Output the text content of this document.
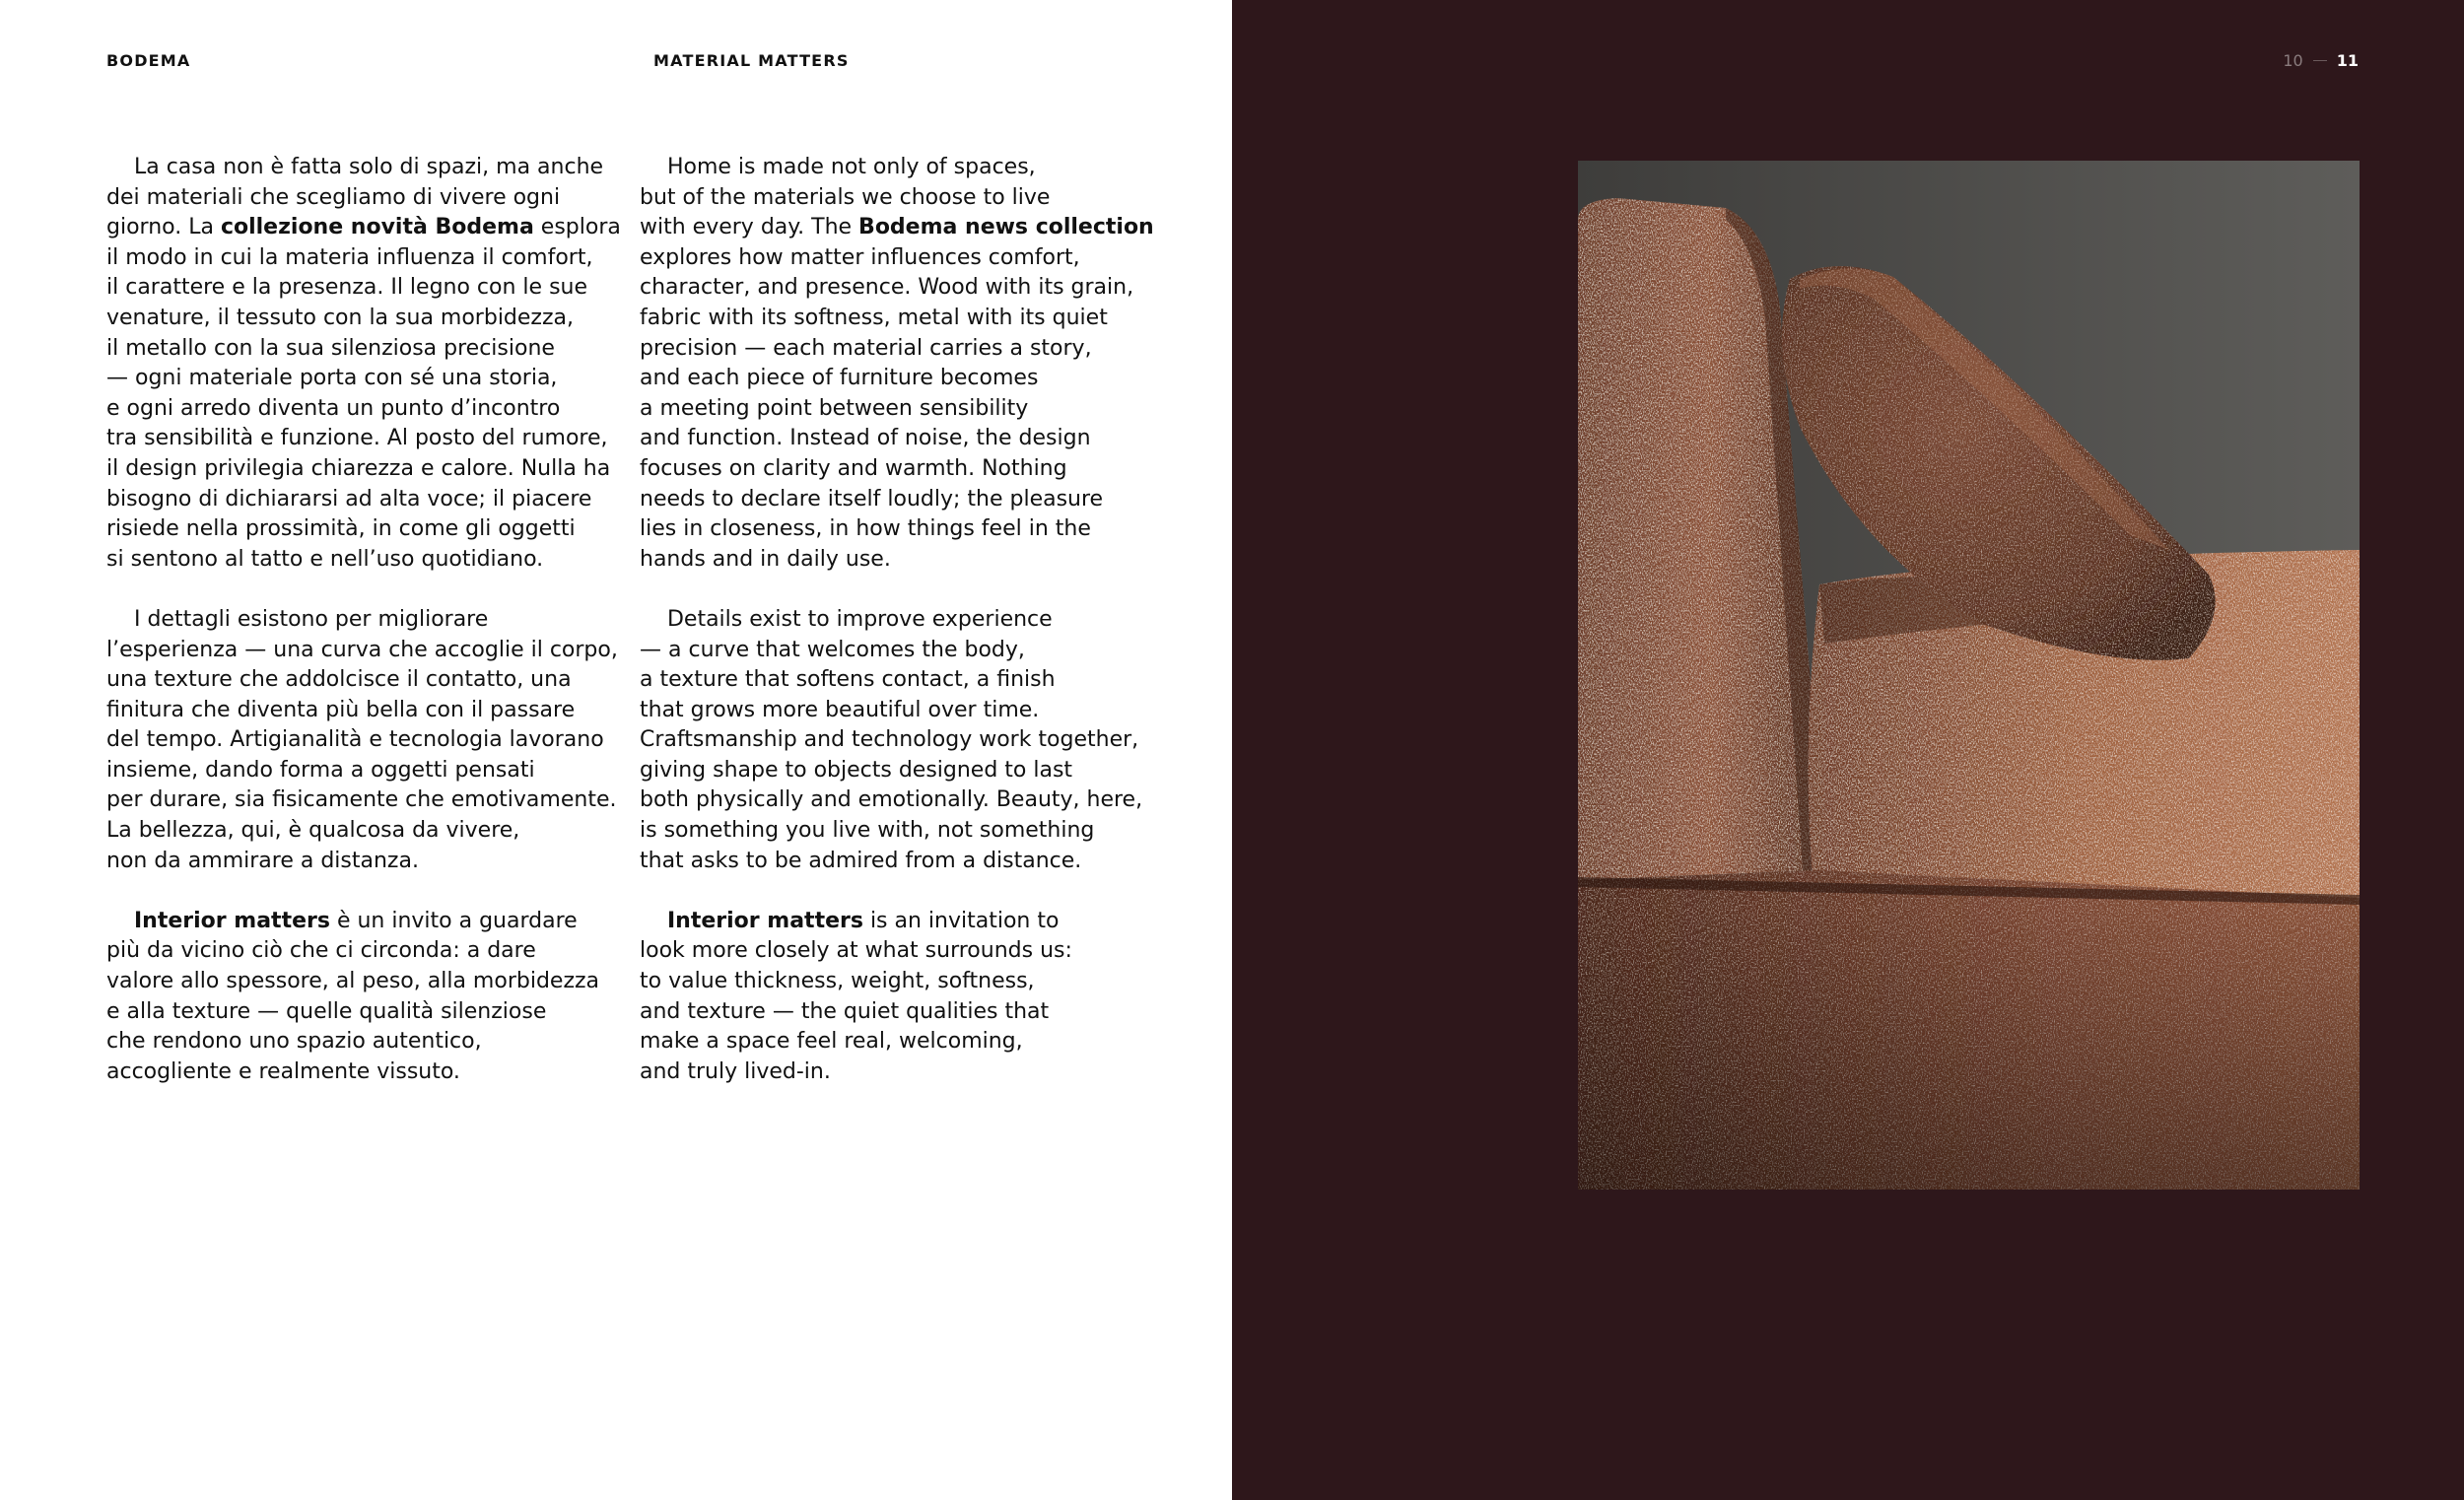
BODEMA	MATERIAL MATTERS
La casa non è fatta solo di spazi, ma anche
dei materiali che scegliamo di vivere ogni
giorno. La collezione novità Bodema esplora
il modo in cui la materia influenza il comfort,
il carattere e la presenza. Il legno con le sue
venature, il tessuto con la sua morbidezza,
il metallo con la sua silenziosa precisione
— ogni materiale porta con sé una storia,
e ogni arredo diventa un punto d’incontro
tra sensibilità e funzione. Al posto del rumore,
il design privilegia chiarezza e calore. Nulla ha
bisogno di dichiararsi ad alta voce; il piacere
risiede nella prossimità, in come gli oggetti
si sentono al tatto e nell’uso quotidiano.
I dettagli esistono per migliorare
l’esperienza — una curva che accoglie il corpo,
una texture che addolcisce il contatto, una
finitura che diventa più bella con il passare
del tempo. Artigianalità e tecnologia lavorano
insieme, dando forma a oggetti pensati
per durare, sia fisicamente che emotivamente.
La bellezza, qui, è qualcosa da vivere,
non da ammirare a distanza.
Interior matters è un invito a guardare
più da vicino ciò che ci circonda: a dare
valore allo spessore, al peso, alla morbidezza
e alla texture — quelle qualità silenziose
che rendono uno spazio autentico,
accogliente e realmente vissuto.
Home is made not only of spaces,
but of the materials we choose to live
with every day. The Bodema news collection
explores how matter influences comfort,
character, and presence. Wood with its grain,
fabric with its softness, metal with its quiet
precision — each material carries a story,
and each piece of furniture becomes
a meeting point between sensibility
and function. Instead of noise, the design
focuses on clarity and warmth. Nothing
needs to declare itself loudly; the pleasure
lies in closeness, in how things feel in the
hands and in daily use.
Details exist to improve experience
— a curve that welcomes the body,
a texture that softens contact, a finish
that grows more beautiful over time.
Craftsmanship and technology work together,
giving shape to objects designed to last
both physically and emotionally. Beauty, here,
is something you live with, not something
that asks to be admired from a distance.
Interior matters is an invitation to
look more closely at what surrounds us:
to value thickness, weight, softness,
and texture — the quiet qualities that
make a space feel real, welcoming,
and truly lived-in.
10 11
